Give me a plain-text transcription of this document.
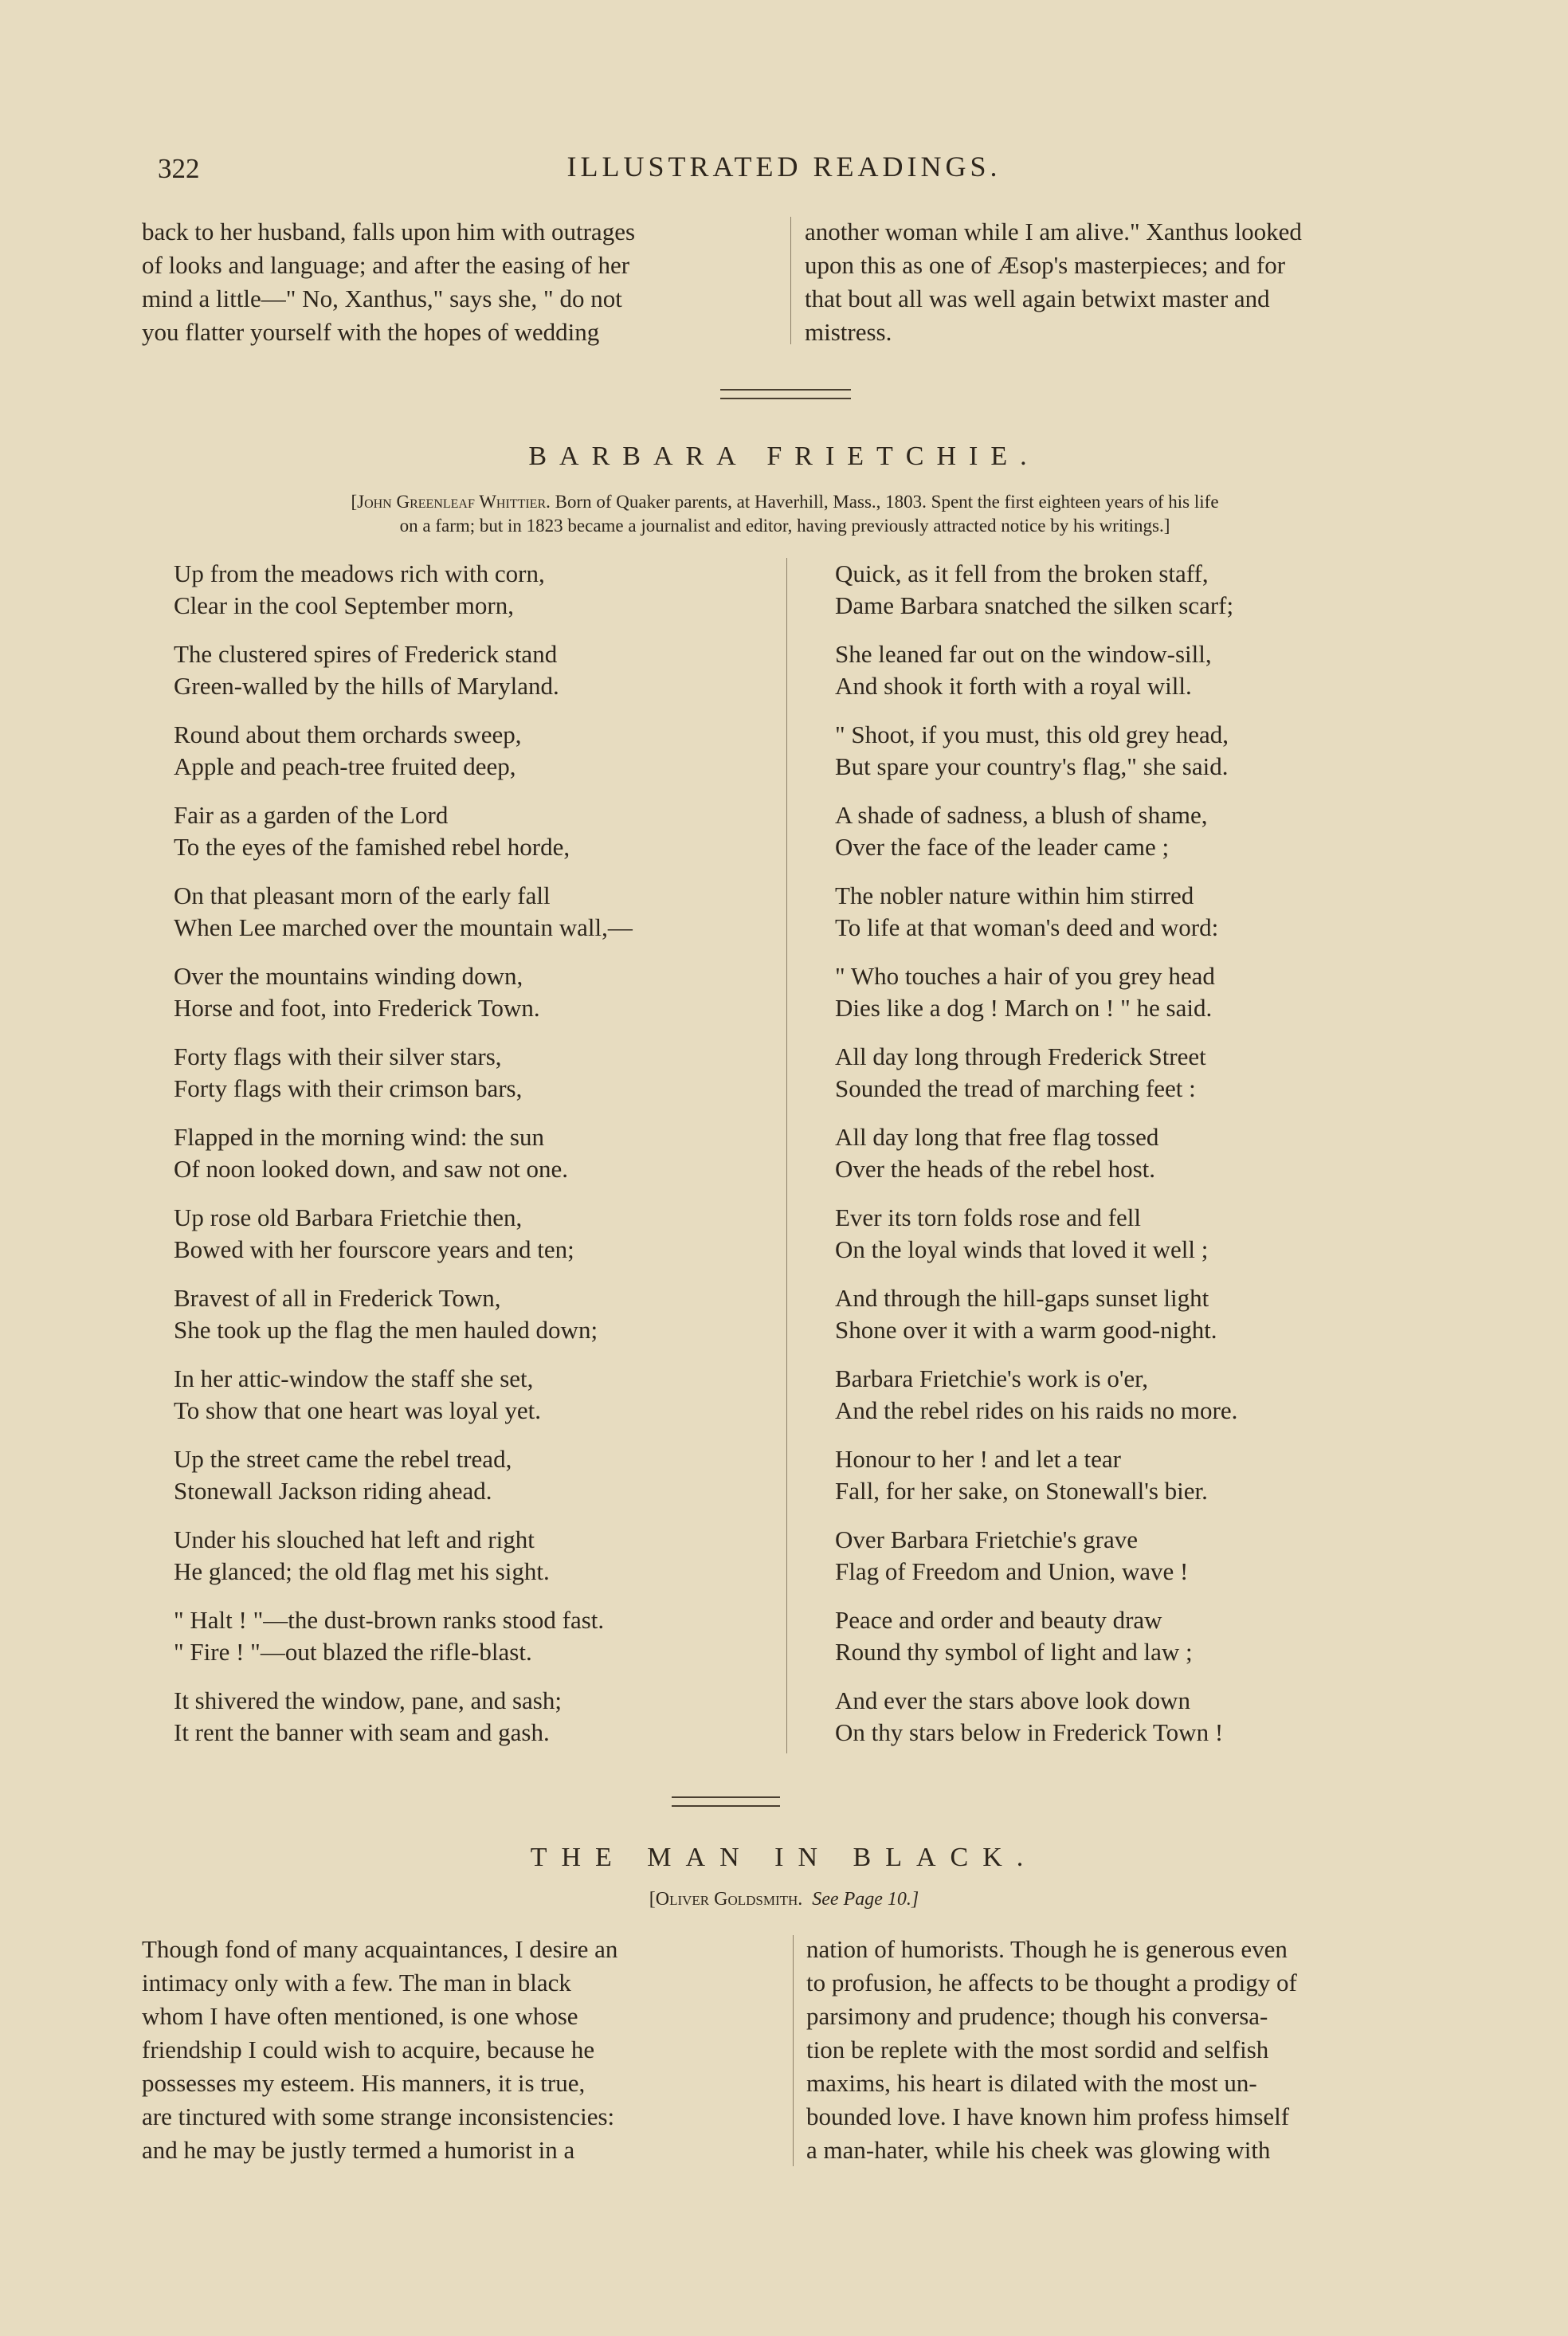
322	ILLUSTRATED READINGS.
back to her husband, falls upon him with outrages
of looks and language; and after the easing of her
mind a little—" No, Xanthus," says she, " do not
you flatter yourself with the hopes of wedding
another woman while I am alive." Xanthus looked
upon this as one of Æsop's masterpieces; and for
that bout all was well again betwixt master and
mistress.
BARBARA FRIETCHIE.
[John Greenleaf Whittier. Born of Quaker parents, at Haverhill, Mass., 1803. Spent the first eighteen years of his life
on a farm; but in 1823 became a journalist and editor, having previously attracted notice by his writings.]
Up from the meadows rich with corn,
Clear in the cool September morn,
The clustered spires of Frederick stand
Green-walled by the hills of Maryland.
Round about them orchards sweep,
Apple and peach-tree fruited deep,
Fair as a garden of the Lord
To the eyes of the famished rebel horde,
On that pleasant morn of the early fall
When Lee marched over the mountain wall,—
Over the mountains winding down,
Horse and foot, into Frederick Town.
Forty flags with their silver stars,
Forty flags with their crimson bars,
Flapped in the morning wind: the sun
Of noon looked down, and saw not one.
Up rose old Barbara Frietchie then,
Bowed with her fourscore years and ten;
Bravest of all in Frederick Town,
She took up the flag the men hauled down;
In her attic-window the staff she set,
To show that one heart was loyal yet.
Up the street came the rebel tread,
Stonewall Jackson riding ahead.
Under his slouched hat left and right
He glanced; the old flag met his sight.
" Halt ! "—the dust-brown ranks stood fast.
" Fire ! "—out blazed the rifle-blast.
It shivered the window, pane, and sash;
It rent the banner with seam and gash.
Quick, as it fell from the broken staff,
Dame Barbara snatched the silken scarf;
She leaned far out on the window-sill,
And shook it forth with a royal will.
" Shoot, if you must, this old grey head,
But spare your country's flag," she said.
A shade of sadness, a blush of shame,
Over the face of the leader came ;
The nobler nature within him stirred
To life at that woman's deed and word:
" Who touches a hair of you grey head
Dies like a dog ! March on ! " he said.
All day long through Frederick Street
Sounded the tread of marching feet :
All day long that free flag tossed
Over the heads of the rebel host.
Ever its torn folds rose and fell
On the loyal winds that loved it well ;
And through the hill-gaps sunset light
Shone over it with a warm good-night.
Barbara Frietchie's work is o'er,
And the rebel rides on his raids no more.
Honour to her ! and let a tear
Fall, for her sake, on Stonewall's bier.
Over Barbara Frietchie's grave
Flag of Freedom and Union, wave !
Peace and order and beauty draw
Round thy symbol of light and law ;
And ever the stars above look down
On thy stars below in Frederick Town !
THE MAN IN BLACK.
[Oliver Goldsmith. See Page 10.]
Though fond of many acquaintances, I desire an
intimacy only with a few. The man in black
whom I have often mentioned, is one whose
friendship I could wish to acquire, because he
possesses my esteem. His manners, it is true,
are tinctured with some strange inconsistencies:
and he may be justly termed a humorist in a
nation of humorists. Though he is generous even
to profusion, he affects to be thought a prodigy of
parsimony and prudence; though his conversa-
tion be replete with the most sordid and selfish
maxims, his heart is dilated with the most un-
bounded love. I have known him profess himself
a man-hater, while his cheek was glowing with
